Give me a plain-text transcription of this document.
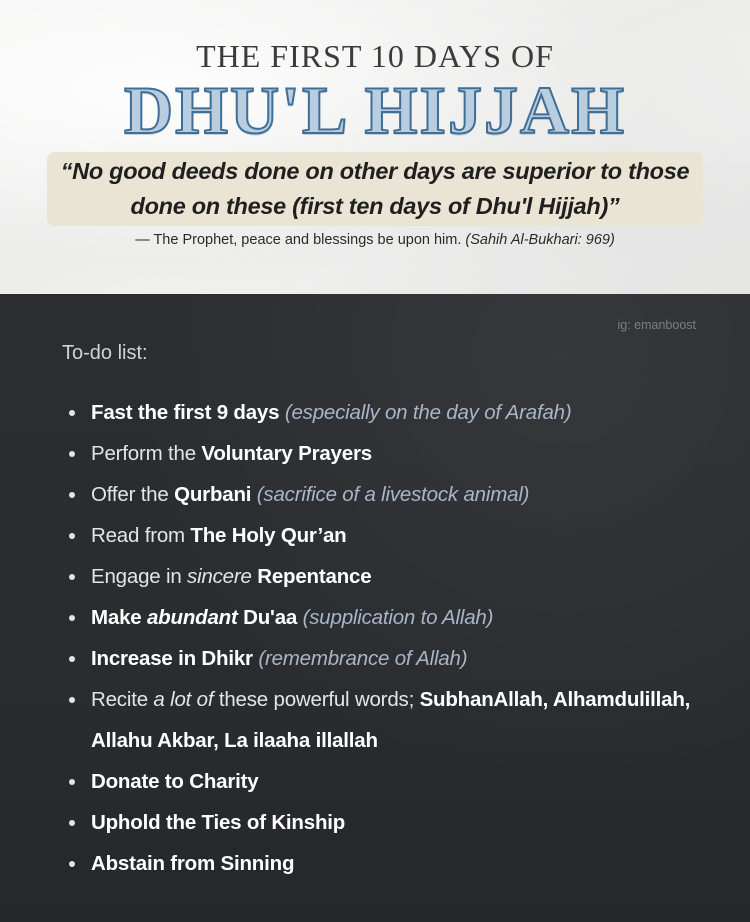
THE FIRST 10 DAYS OF
DHU'L HIJJAH
“No good deeds done on other days are superior to those done on these (first ten days of Dhu'l Hijjah)”
— The Prophet, peace and blessings be upon him. (Sahih Al-Bukhari: 969)
ig: emanboost
To-do list:
Fast the first 9 days (especially on the day of Arafah)
Perform the Voluntary Prayers
Offer the Qurbani (sacrifice of a livestock animal)
Read from The Holy Qur’an
Engage in sincere Repentance
Make abundant Du'aa (supplication to Allah)
Increase in Dhikr (remembrance of Allah)
Recite a lot of these powerful words; SubhanAllah, Alhamdulillah, Allahu Akbar, La ilaaha illallah
Donate to Charity
Uphold the Ties of Kinship
Abstain from Sinning
